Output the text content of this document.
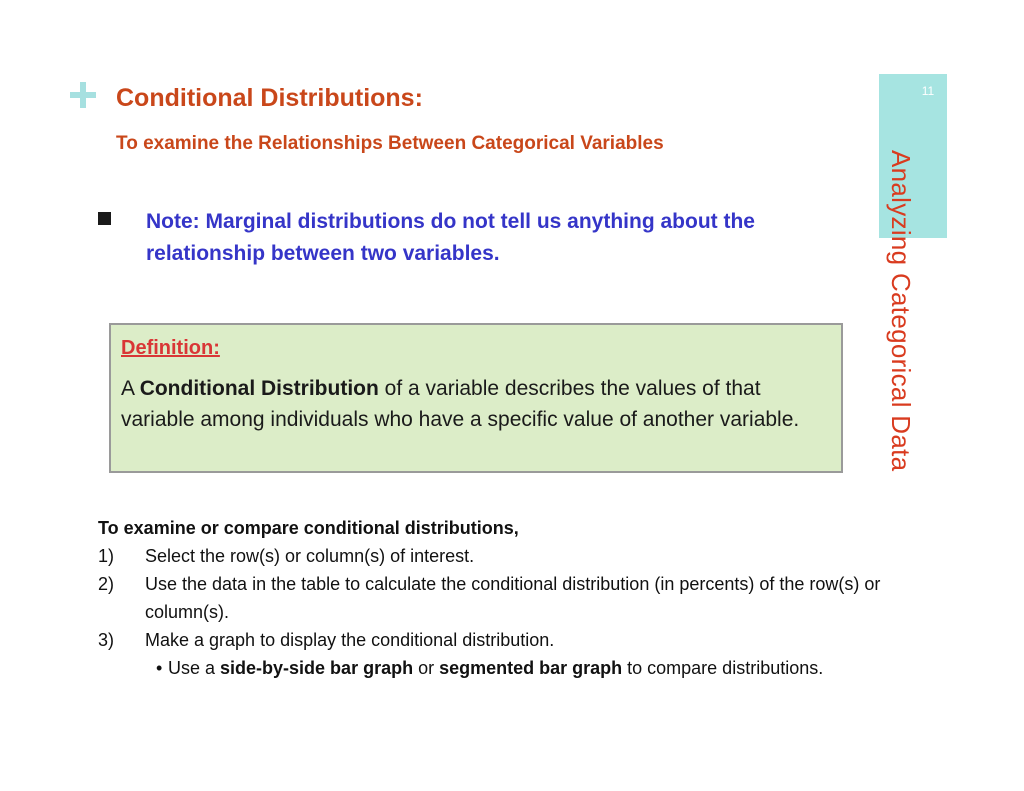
Conditional Distributions:
To examine the Relationships Between Categorical Variables
11
Analyzing Categorical Data
Note: Marginal distributions do not tell us anything about the relationship between two variables.
Definition:
A Conditional Distribution of a variable describes the values of that variable among individuals who have a specific value of another variable.
To examine or compare conditional distributions,
1) Select the row(s) or column(s) of interest.
2) Use the data in the table to calculate the conditional distribution (in percents) of the row(s) or column(s).
3) Make a graph to display the conditional distribution.
• Use a side-by-side bar graph or segmented bar graph to compare distributions.
